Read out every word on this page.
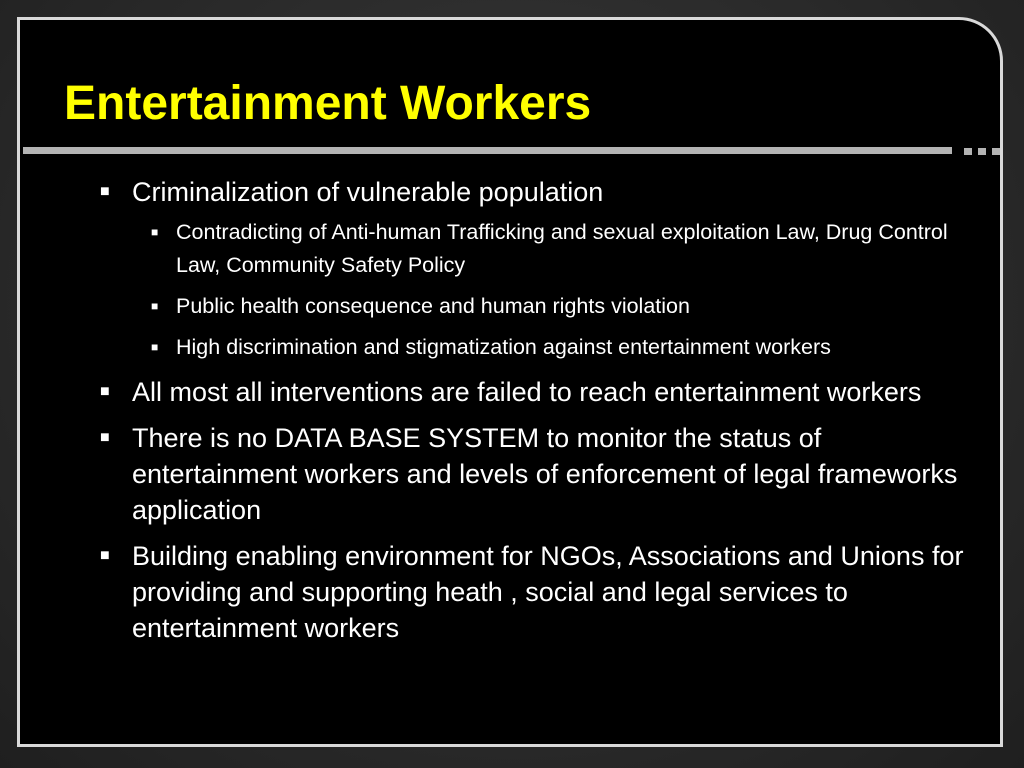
Entertainment Workers
■ Criminalization of vulnerable population
■ Contradicting of Anti-human Trafficking and sexual exploitation Law, Drug Control Law, Community Safety Policy
■ Public health consequence and human rights violation
■ High discrimination and stigmatization against entertainment workers
■ All most all interventions are failed to reach entertainment workers
■ There is no DATA BASE SYSTEM to monitor the status of entertainment workers and levels of enforcement of legal frameworks application
■ Building enabling environment for NGOs, Associations and Unions for providing and supporting heath , social and legal services to entertainment workers
